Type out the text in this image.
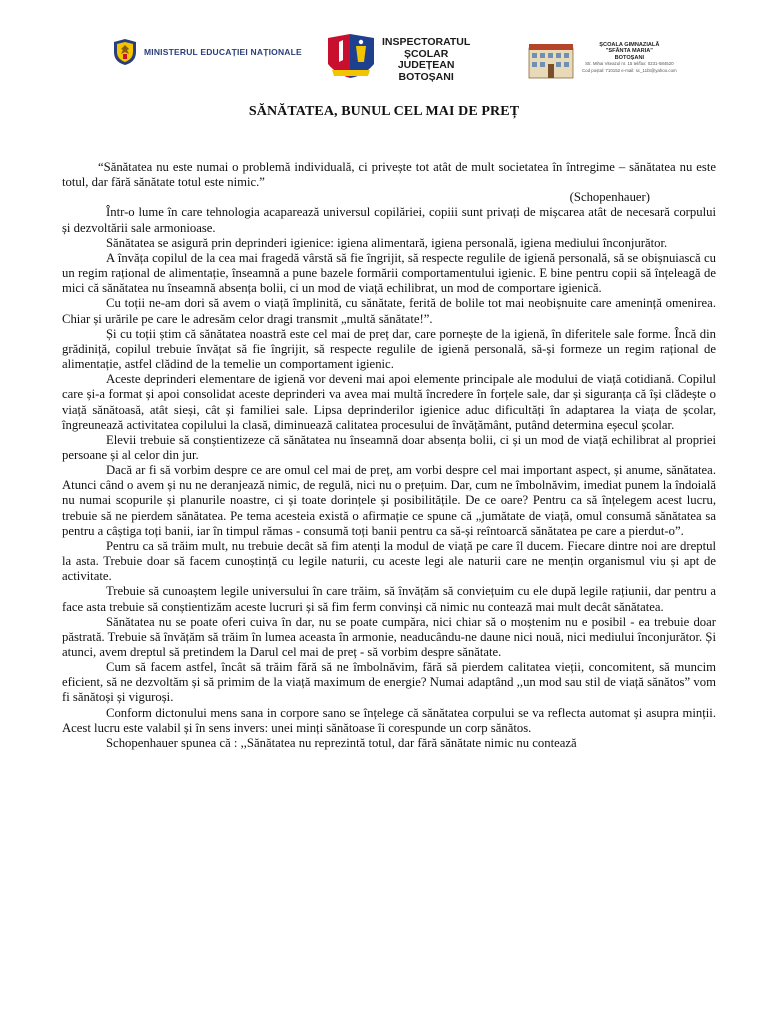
MINISTERUL EDUCAȚIEI NAȚIONALE
INSPECTORATUL
ȘCOLAR
JUDEȚEAN
BOTOȘANI
ȘCOALA GIMNAZIALĂ
"SFÂNTA MARIA"
BOTOȘANI
Str. Mihai Viteazul nr. 15 tel/fax: 0231-584520
Cod poștal: 710152 e-mail: sc_11bt@yahoo.com
SĂNĂTATEA, BUNUL CEL MAI DE PREȚ

“Sănătatea nu este numai o problemă individuală, ci privește tot atât de mult societatea în întregime – sănătatea nu este totul, dar fără sănătate totul este nimic.”

(Schopenhauer)

Într-o lume în care tehnologia acaparează universul copilăriei, copiii sunt privați de mișcarea atât de necesară corpului și dezvoltării sale armonioase.

Sănătatea se asigură prin deprinderi igienice: igiena alimentară, igiena personală, igiena mediului înconjurător.

A învăța copilul de la cea mai fragedă vârstă să fie îngrijit, să respecte regulile de igienă personală, să se obișnuiască cu un regim rațional de alimentație, înseamnă a pune bazele formării comportamentului igienic. E bine pentru copii să înțeleagă de mici că sănătatea nu înseamnă absența bolii, ci un mod de viață echilibrat, un mod de comportare igienică.

Cu toții ne-am dori să avem o viață împlinită, cu sănătate, ferită de bolile tot mai neobișnuite care amenință omenirea. Chiar și urările pe care le adresăm celor dragi transmit „multă sănătate!”.

Și cu toții știm că sănătatea noastră este cel mai de preț dar, care pornește de la igienă, în diferitele sale forme. Încă din grădiniță, copilul trebuie învățat să fie îngrijit, să respecte regulile de igienă personală, să-și formeze un regim rațional de alimentație, astfel clădind de la temelie un comportament igienic.

Aceste deprinderi elementare de igienă vor deveni mai apoi elemente principale ale modului de viață cotidiană. Copilul care și-a format și apoi consolidat aceste deprinderi va avea mai multă încredere în forțele sale, dar și siguranța că își clădește o viață sănătoasă, atât sieși, cât și familiei sale. Lipsa deprinderilor igienice aduc dificultăți în adaptarea la viața de școlar, îngreunează activitatea copilului la clasă, diminuează calitatea procesului de învățământ, putând determina eșecul școlar.

Elevii trebuie să conștientizeze că sănătatea nu înseamnă doar absența bolii, ci și un mod de viață echilibrat al propriei persoane și al celor din jur.

Dacă ar fi să vorbim despre ce are omul cel mai de preț, am vorbi despre cel mai important aspect, și anume, sănătatea. Atunci când o avem și nu ne deranjează nimic, de regulă, nici nu o prețuim. Dar, cum ne îmbolnăvim, imediat punem la îndoială nu numai scopurile și planurile noastre, ci și toate dorințele și posibilitățile. De ce oare? Pentru ca să înțelegem acest lucru, trebuie să ne pierdem sănătatea. Pe tema acesteia există o afirmație ce spune că „jumătate de viață, omul consumă sănătatea sa pentru a câștiga toți banii, iar în timpul rămas - consumă toți banii pentru ca să-și reîntoarcă sănătatea pe care a pierdut-o”.

Pentru ca să trăim mult, nu trebuie decât să fim atenți la modul de viață pe care îl ducem. Fiecare dintre noi are dreptul la asta. Trebuie doar să facem cunoștință cu legile naturii, cu aceste legi ale naturii care ne mențin organismul viu și apt de activitate.

Trebuie să cunoaștem legile universului în care trăim, să învățăm să conviețuim cu ele după legile rațiunii, dar pentru a face asta trebuie să conștientizăm aceste lucruri și să fim ferm convinși că nimic nu contează mai mult decât sănătatea.

Sănătatea nu se poate oferi cuiva în dar, nu se poate cumpăra, nici chiar să o moștenim nu e posibil - ea trebuie doar păstrată. Trebuie să învățăm să trăim în lumea aceasta în armonie, neaducându-ne daune nici nouă, nici mediului înconjurător. Și atunci, avem dreptul să pretindem la Darul cel mai de preț - să vorbim despre sănătate.

Cum să facem astfel, încât să trăim fără să ne îmbolnăvim, fără să pierdem calitatea vieții, concomitent, să muncim eficient, să ne dezvoltăm și să primim de la viață maximum de energie? Numai adaptând ,,un mod sau stil de viață sănătos” vom fi sănătoși și viguroși.

Conform dictonului mens sana in corpore sano se înțelege că sănătatea corpului se va reflecta automat și asupra minții. Acest lucru este valabil și în sens invers: unei minți sănătoase îi corespunde un corp sănătos.

Schopenhauer spunea că : ,,Sănătatea nu reprezintă totul, dar fără sănătate nimic nu contează
